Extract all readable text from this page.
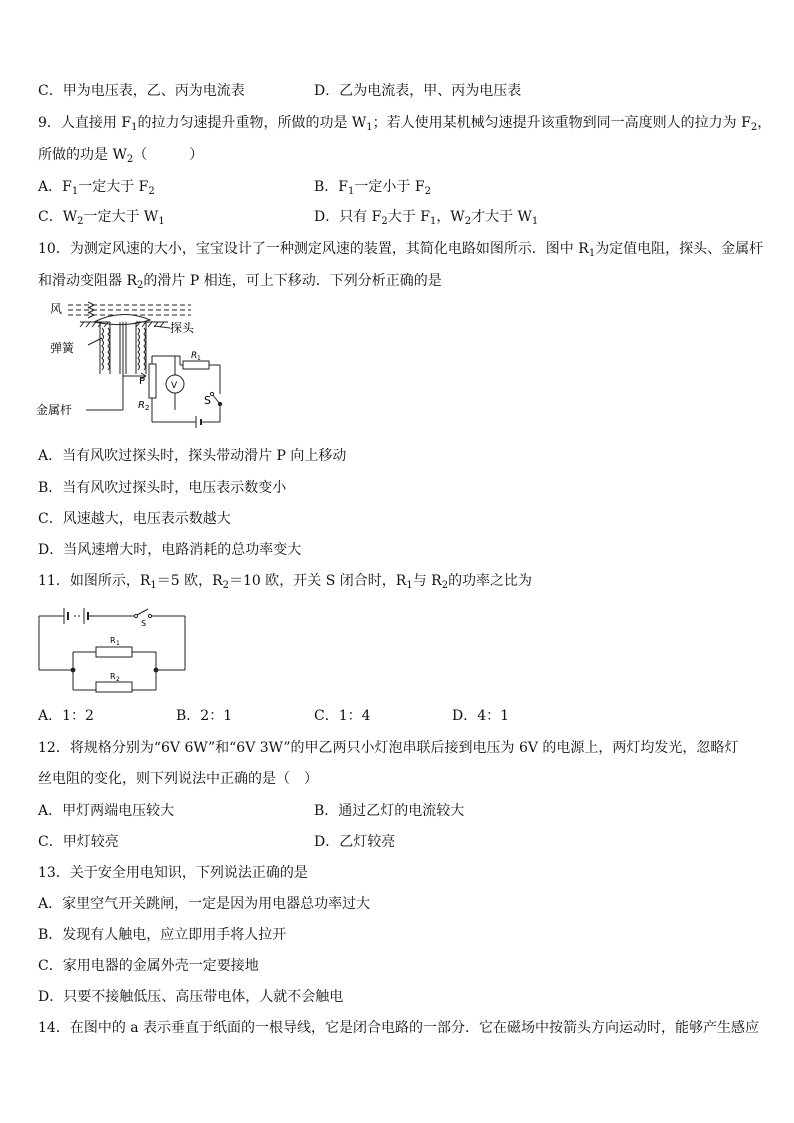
C．甲为电压表，乙、丙为电流表	D．乙为电流表，甲、丙为电压表
9．人直接用 $F_1$的拉力匀速提升重物，所做的功是 $W_1$；若人使用某机械匀速提升该重物到同一高度则人的拉力为 $F_2$，
所做的功是 $W_2$（　　　）
A．$F_1$一定大于 $F_2$	B．$F_1$一定小于 $F_2$
C．$W_2$一定大于 $W_1$	D．只有 $F_2$大于 $F_1$，$W_2$才大于 $W_1$
10．为测定风速的大小，宝宝设计了一种测定风速的装置，其简化电路如图所示．图中 $R_1$为定值电阻，探头、金属杆
和滑动变阻器 $R_2$的滑片 P 相连，可上下移动．下列分析正确的是
风
探头
弹簧
金属杆
P
R 2
R 1
V
S
A．当有风吹过探头时，探头带动滑片 P 向上移动
B．当有风吹过探头时，电压表示数变小
C．风速越大，电压表示数越大
D．当风速增大时，电路消耗的总功率变大
11．如图所示，$R_1=5$ 欧，$R_2=10$ 欧，开关 S 闭合时，$R_1$与 $R_2$的功率之比为
S
R 1
R 2
A．1：2	B．2：1	C．1：4	D．4：1
12．将规格分别为“6V 6W”和“6V 3W”的甲乙两只小灯泡串联后接到电压为 6V 的电源上，两灯均发光，忽略灯
丝电阻的变化，则下列说法中正确的是（　）
A．甲灯两端电压较大	B．通过乙灯的电流较大
C．甲灯较亮	D．乙灯较亮
13．关于安全用电知识，下列说法正确的是
A．家里空气开关跳闸，一定是因为用电器总功率过大
B．发现有人触电，应立即用手将人拉开
C．家用电器的金属外壳一定要接地
D．只要不接触低压、高压带电体，人就不会触电
14．在图中的 a 表示垂直于纸面的一根导线，它是闭合电路的一部分．它在磁场中按箭头方向运动时，能够产生感应
